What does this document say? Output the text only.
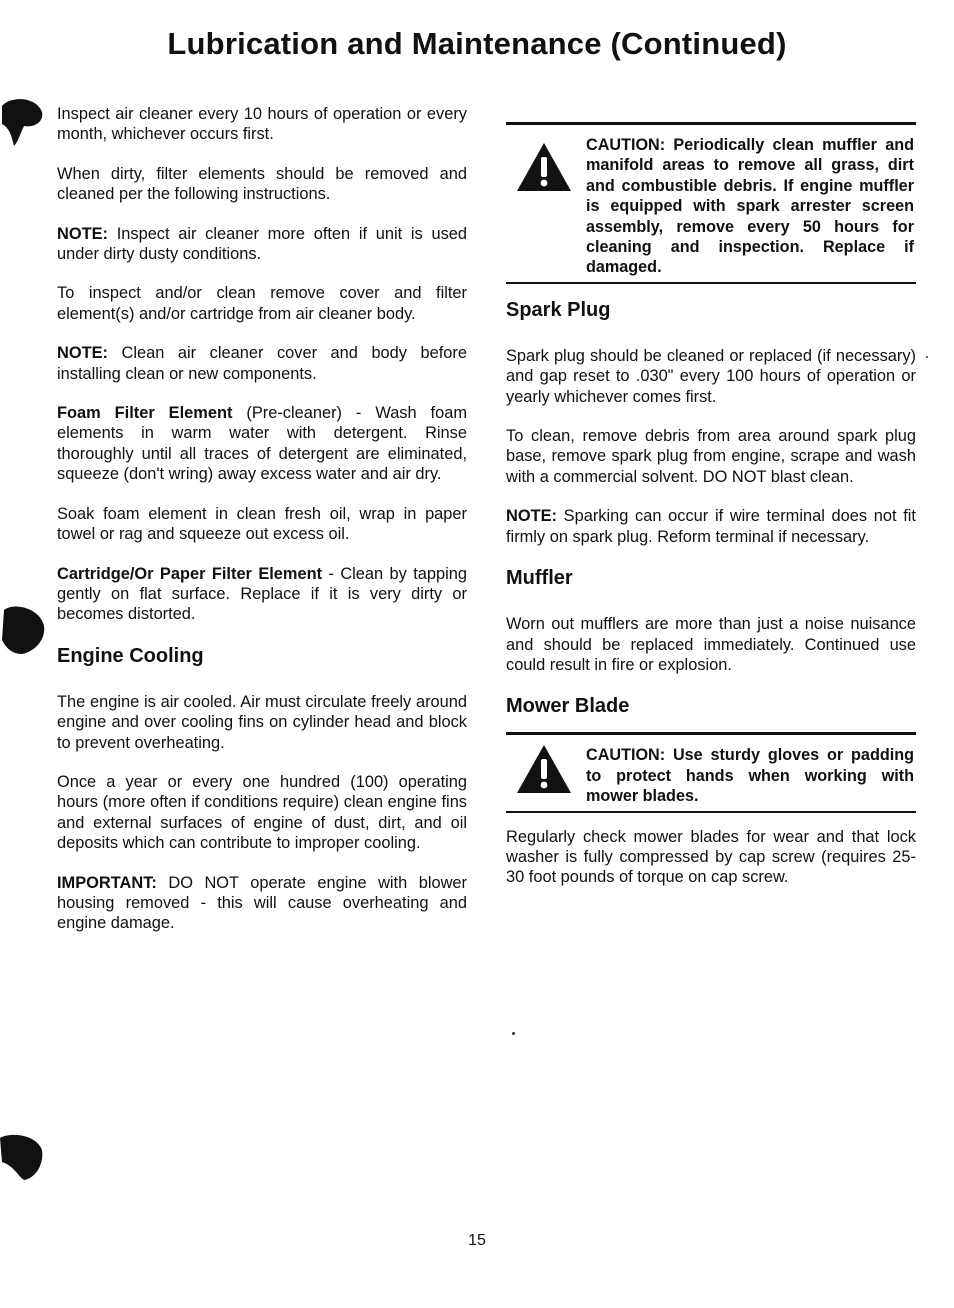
Lubrication and Maintenance (Continued)

Inspect air cleaner every 10 hours of operation or every month, whichever occurs first.

When dirty, filter elements should be removed and cleaned per the following instructions.

NOTE: Inspect air cleaner more often if unit is used under dirty dusty conditions.

To inspect and/or clean remove cover and filter element(s) and/or cartridge from air cleaner body.

NOTE: Clean air cleaner cover and body before installing clean or new components.

Foam Filter Element (Pre-cleaner) - Wash foam elements in warm water with detergent. Rinse thoroughly until all traces of detergent are eliminated, squeeze (don't wring) away excess water and air dry.

Soak foam element in clean fresh oil, wrap in paper towel or rag and squeeze out excess oil.

Cartridge/Or Paper Filter Element - Clean by tapping gently on flat surface. Replace if it is very dirty or becomes distorted.

Engine Cooling

The engine is air cooled. Air must circulate freely around engine and over cooling fins on cylinder head and block to prevent overheating.

Once a year or every one hundred (100) operating hours (more often if conditions require) clean engine fins and external surfaces of engine of dust, dirt, and oil deposits which can contribute to improper cooling.

IMPORTANT: DO NOT operate engine with blower housing removed - this will cause overheating and engine damage.

CAUTION: Periodically clean muffler and manifold areas to remove all grass, dirt and combustible debris. If engine muffler is equipped with spark arrester screen assembly, remove every 50 hours for cleaning and inspection. Replace if damaged.
Spark Plug

Spark plug should be cleaned or replaced (if necessary) and gap reset to .030" every 100 hours of operation or yearly whichever comes first.

To clean, remove debris from area around spark plug base, remove spark plug from engine, scrape and wash with a commercial solvent. DO NOT blast clean.

NOTE: Sparking can occur if wire terminal does not fit firmly on spark plug. Reform terminal if necessary.

Muffler

Worn out mufflers are more than just a noise nuisance and should be replaced immediately. Continued use could result in fire or explosion.

Mower Blade
CAUTION: Use sturdy gloves or padding to protect hands when working with mower blades.

Regularly check mower blades for wear and that lock washer is fully compressed by cap screw (requires 25-30 foot pounds of torque on cap screw.

15
